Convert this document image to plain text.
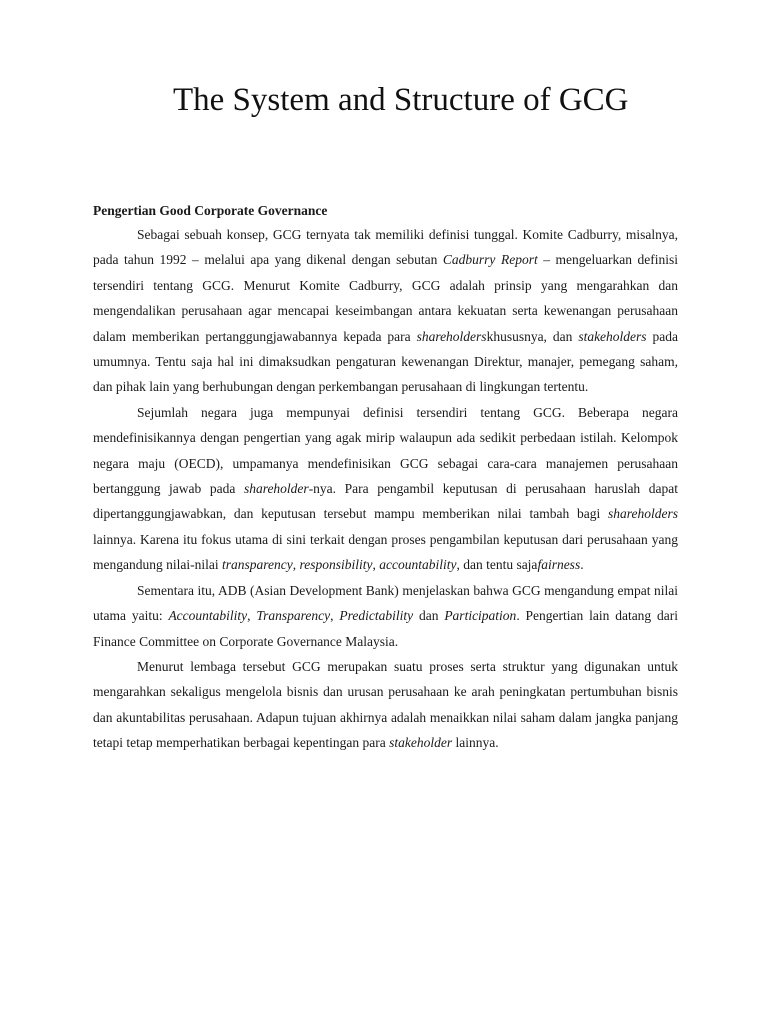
The System and Structure of GCG
Pengertian Good Corporate Governance

Sebagai sebuah konsep, GCG ternyata tak memiliki definisi tunggal. Komite Cadburry, misalnya, pada tahun 1992 – melalui apa yang dikenal dengan sebutan Cadburry Report – mengeluarkan definisi tersendiri tentang GCG. Menurut Komite Cadburry, GCG adalah prinsip yang mengarahkan dan mengendalikan perusahaan agar mencapai keseimbangan antara kekuatan serta kewenangan perusahaan dalam memberikan pertanggungjawabannya kepada para shareholderskhususnya, dan stakeholders pada umumnya. Tentu saja hal ini dimaksudkan pengaturan kewenangan Direktur, manajer, pemegang saham, dan pihak lain yang berhubungan dengan perkembangan perusahaan di lingkungan tertentu.

Sejumlah negara juga mempunyai definisi tersendiri tentang GCG. Beberapa negara mendefinisikannya dengan pengertian yang agak mirip walaupun ada sedikit perbedaan istilah. Kelompok negara maju (OECD), umpamanya mendefinisikan GCG sebagai cara-cara manajemen perusahaan bertanggung jawab pada shareholder-nya. Para pengambil keputusan di perusahaan haruslah dapat dipertanggungjawabkan, dan keputusan tersebut mampu memberikan nilai tambah bagi shareholders lainnya. Karena itu fokus utama di sini terkait dengan proses pengambilan keputusan dari perusahaan yang mengandung nilai-nilai transparency, responsibility, accountability, dan tentu sajafairness.

Sementara itu, ADB (Asian Development Bank) menjelaskan bahwa GCG mengandung empat nilai utama yaitu: Accountability, Transparency, Predictability dan Participation. Pengertian lain datang dari Finance Committee on Corporate Governance Malaysia.

Menurut lembaga tersebut GCG merupakan suatu proses serta struktur yang digunakan untuk mengarahkan sekaligus mengelola bisnis dan urusan perusahaan ke arah peningkatan pertumbuhan bisnis dan akuntabilitas perusahaan. Adapun tujuan akhirnya adalah menaikkan nilai saham dalam jangka panjang tetapi tetap memperhatikan berbagai kepentingan para stakeholder lainnya.
